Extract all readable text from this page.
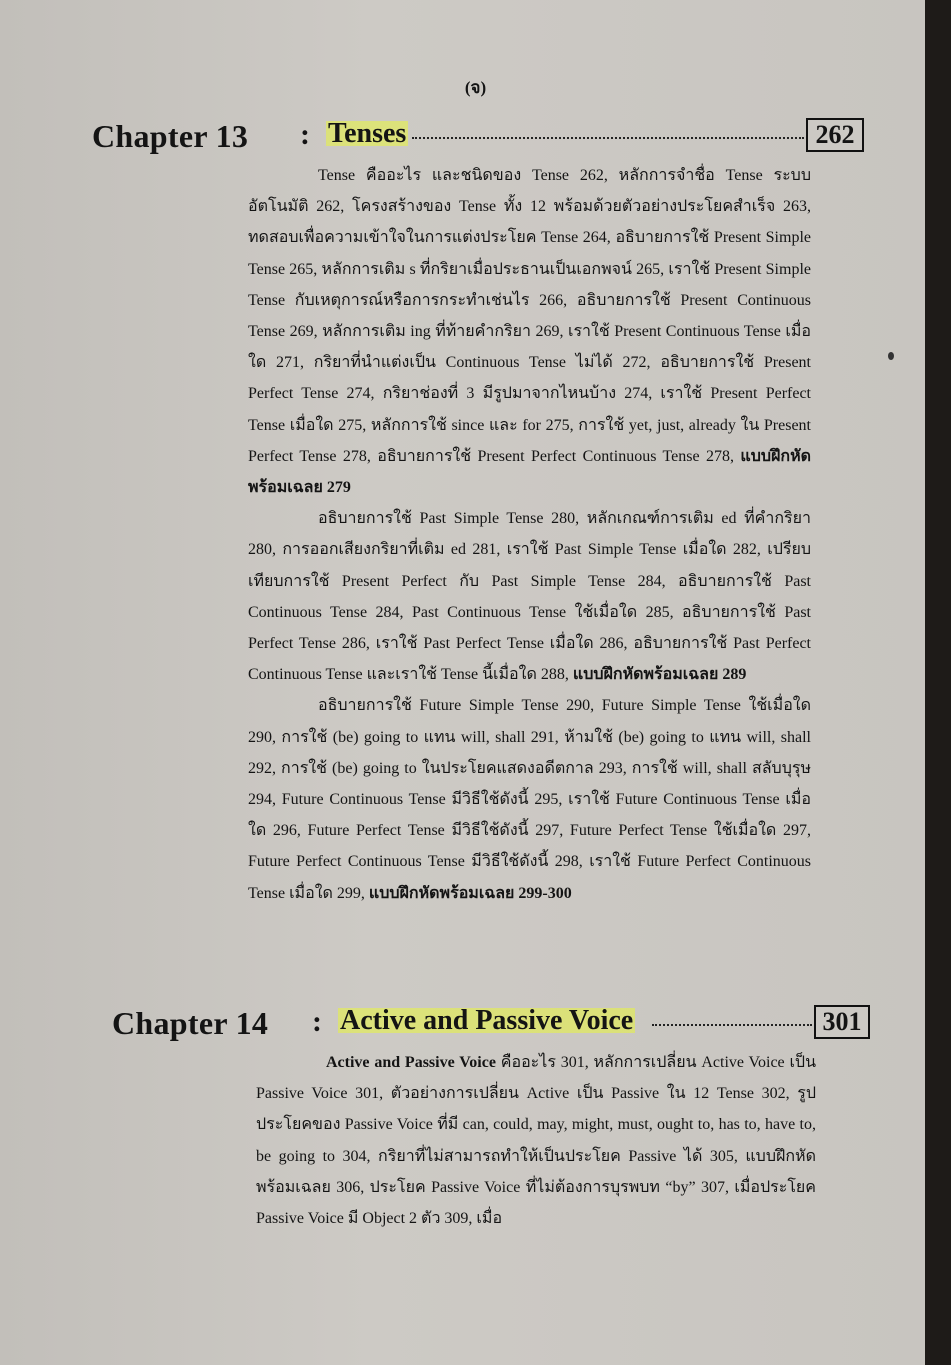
(จ)
Chapter 13 : Tenses	262

Tense คืออะไร และชนิดของ Tense 262, หลักการจำชื่อ Tense ระบบอัตโนมัติ 262, โครงสร้างของ Tense ทั้ง 12 พร้อมด้วยตัวอย่างประโยคสำเร็จ 263, ทดสอบเพื่อความเข้าใจในการแต่งประโยค Tense 264, อธิบายการใช้ Present Simple Tense 265, หลักการเติม s ที่กริยาเมื่อประธานเป็นเอกพจน์ 265, เราใช้ Present Simple Tense กับเหตุการณ์หรือการกระทำเช่นไร 266, อธิบายการใช้ Present Continuous Tense 269, หลักการเติม ing ที่ท้ายคำกริยา 269, เราใช้ Present Continuous Tense เมื่อใด 271, กริยาที่นำแต่งเป็น Continuous Tense ไม่ได้ 272, อธิบายการใช้ Present Perfect Tense 274, กริยาช่องที่ 3 มีรูปมาจากไหนบ้าง 274, เราใช้ Present Perfect Tense เมื่อใด 275, หลักการใช้ since และ for 275, การใช้ yet, just, already ใน Present Perfect Tense 278, อธิบายการใช้ Present Perfect Continuous Tense 278, แบบฝึกหัดพร้อมเฉลย 279

อธิบายการใช้ Past Simple Tense 280, หลักเกณฑ์การเติม ed ที่คำกริยา 280, การออกเสียงกริยาที่เติม ed 281, เราใช้ Past Simple Tense เมื่อใด 282, เปรียบเทียบการใช้ Present Perfect กับ Past Simple Tense 284, อธิบายการใช้ Past Continuous Tense 284, Past Continuous Tense ใช้เมื่อใด 285, อธิบายการใช้ Past Perfect Tense 286, เราใช้ Past Perfect Tense เมื่อใด 286, อธิบายการใช้ Past Perfect Continuous Tense และเราใช้ Tense นี้เมื่อใด 288, แบบฝึกหัดพร้อมเฉลย 289

อธิบายการใช้ Future Simple Tense 290, Future Simple Tense ใช้เมื่อใด 290, การใช้ (be) going to แทน will, shall 291, ห้ามใช้ (be) going to แทน will, shall 292, การใช้ (be) going to ในประโยคแสดงอดีตกาล 293, การใช้ will, shall สลับบุรุษ 294, Future Continuous Tense มีวิธีใช้ดังนี้ 295, เราใช้ Future Continuous Tense เมื่อใด 296, Future Perfect Tense มีวิธีใช้ดังนี้ 297, Future Perfect Tense ใช้เมื่อใด 297, Future Perfect Continuous Tense มีวิธีใช้ดังนี้ 298, เราใช้ Future Perfect Continuous Tense เมื่อใด 299, แบบฝึกหัดพร้อมเฉลย 299-300

Chapter 14 : Active and Passive Voice	301

Active and Passive Voice คืออะไร 301, หลักการเปลี่ยน Active Voice เป็น Passive Voice 301, ตัวอย่างการเปลี่ยน Active เป็น Passive ใน 12 Tense 302, รูปประโยคของ Passive Voice ที่มี can, could, may, might, must, ought to, has to, have to, be going to 304, กริยาที่ไม่สามารถทำให้เป็นประโยค Passive ได้ 305, แบบฝึกหัดพร้อมเฉลย 306, ประโยค Passive Voice ที่ไม่ต้องการบุรพบท “by” 307, เมื่อประโยค Passive Voice มี Object 2 ตัว 309, เมื่อ
